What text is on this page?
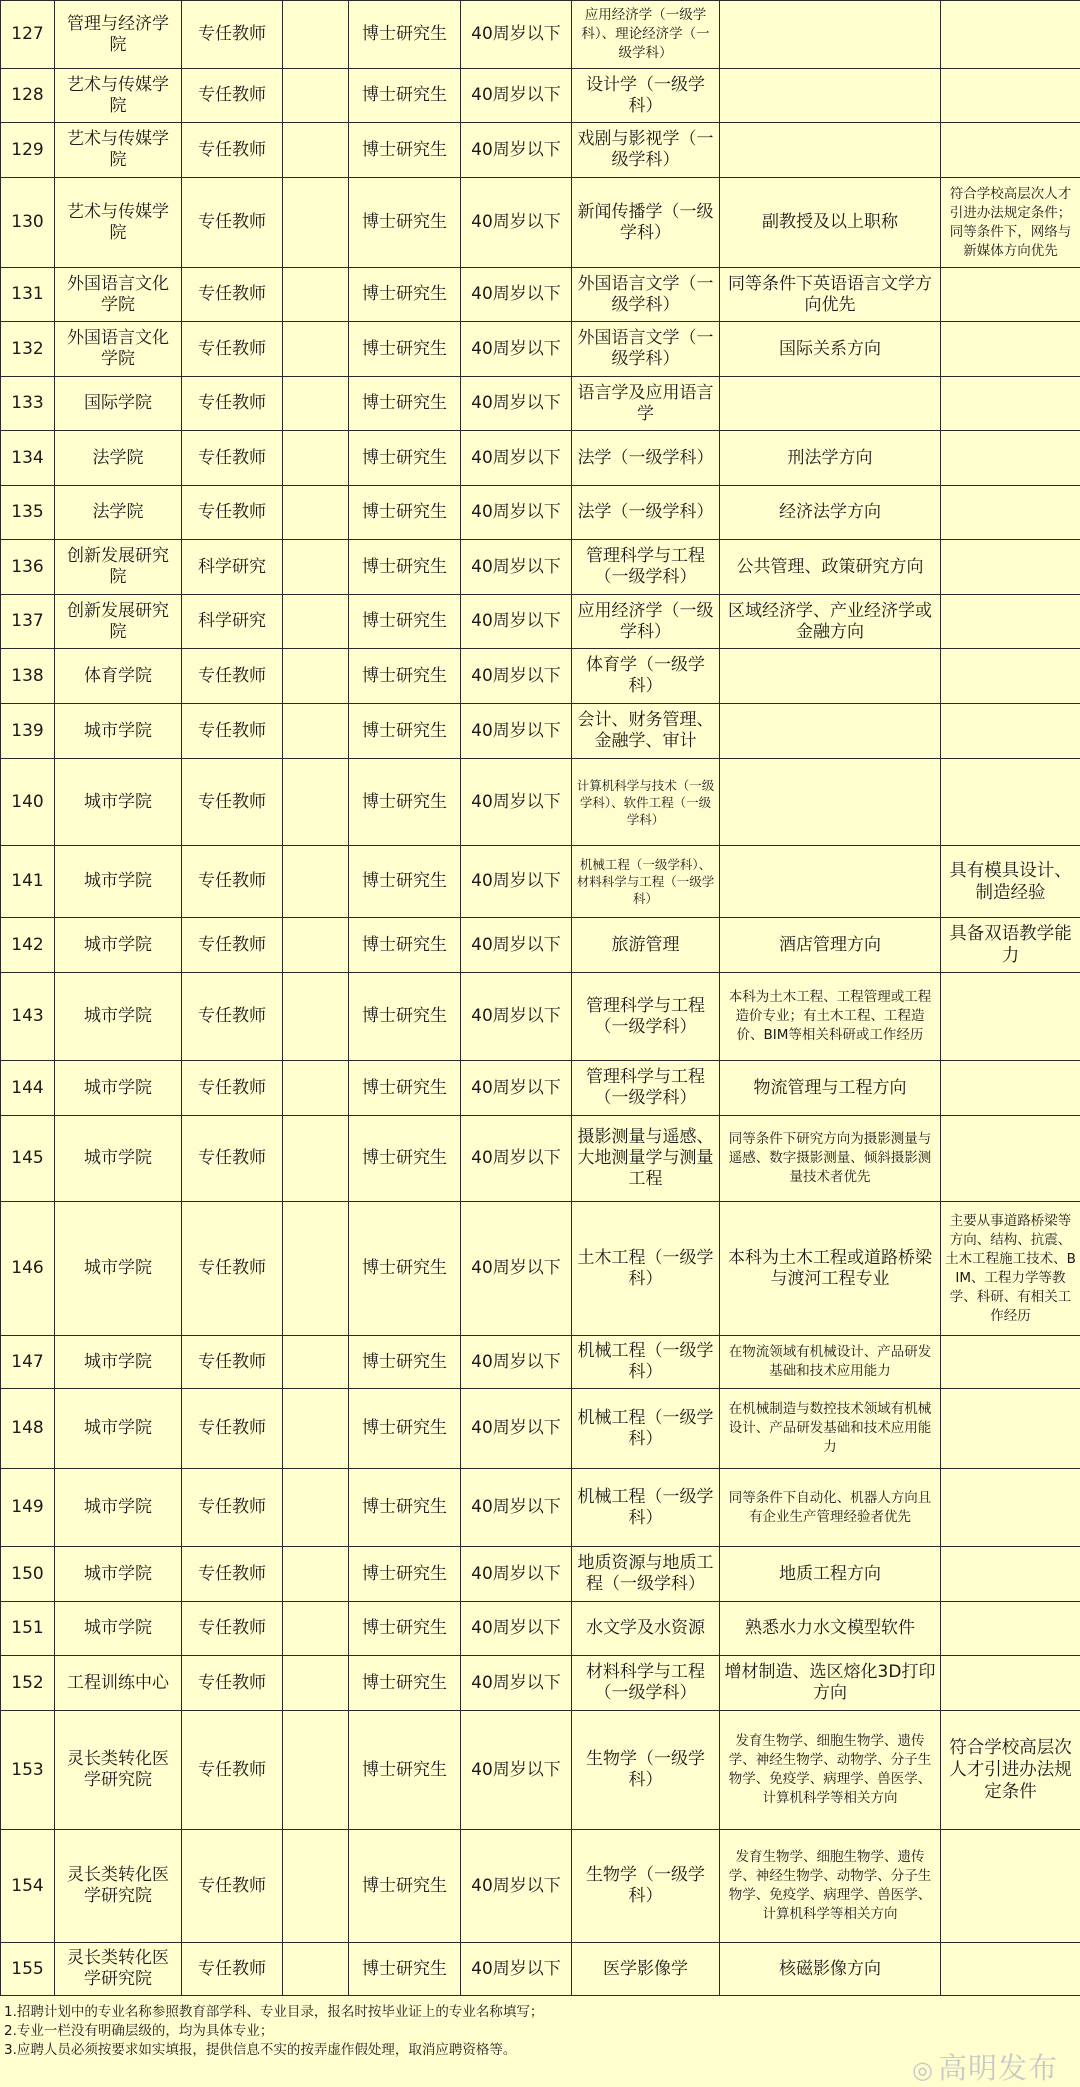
127	管理与经济学院	专任教师		博士研究生	40周岁以下	应用经济学（一级学科）、理论经济学（一级学科）		
128	艺术与传媒学院	专任教师		博士研究生	40周岁以下	设计学（一级学科）		
129	艺术与传媒学院	专任教师		博士研究生	40周岁以下	戏剧与影视学（一级学科）		
130	艺术与传媒学院	专任教师		博士研究生	40周岁以下	新闻传播学（一级学科）	副教授及以上职称	符合学校高层次人才引进办法规定条件；同等条件下，网络与新媒体方向优先
131	外国语言文化学院	专任教师		博士研究生	40周岁以下	外国语言文学（一级学科）	同等条件下英语语言文学方向优先	
132	外国语言文化学院	专任教师		博士研究生	40周岁以下	外国语言文学（一级学科）	国际关系方向	
133	国际学院	专任教师		博士研究生	40周岁以下	语言学及应用语言学		
134	法学院	专任教师		博士研究生	40周岁以下	法学（一级学科）	刑法学方向	
135	法学院	专任教师		博士研究生	40周岁以下	法学（一级学科）	经济法学方向	
136	创新发展研究院	科学研究		博士研究生	40周岁以下	管理科学与工程（一级学科）	公共管理、政策研究方向	
137	创新发展研究院	科学研究		博士研究生	40周岁以下	应用经济学（一级学科）	区域经济学、产业经济学或金融方向	
138	体育学院	专任教师		博士研究生	40周岁以下	体育学（一级学科）		
139	城市学院	专任教师		博士研究生	40周岁以下	会计、财务管理、金融学、审计		
140	城市学院	专任教师		博士研究生	40周岁以下	计算机科学与技术（一级学科）、软件工程（一级学科）		
141	城市学院	专任教师		博士研究生	40周岁以下	机械工程（一级学科）、材料科学与工程（一级学科）		具有模具设计、制造经验
142	城市学院	专任教师		博士研究生	40周岁以下	旅游管理	酒店管理方向	具备双语教学能力
143	城市学院	专任教师		博士研究生	40周岁以下	管理科学与工程（一级学科）	本科为土木工程、工程管理或工程造价专业；有土木工程、工程造价、BIM等相关科研或工作经历	
144	城市学院	专任教师		博士研究生	40周岁以下	管理科学与工程（一级学科）	物流管理与工程方向	
145	城市学院	专任教师		博士研究生	40周岁以下	摄影测量与遥感、大地测量学与测量工程	同等条件下研究方向为摄影测量与遥感、数字摄影测量、倾斜摄影测量技术者优先	
146	城市学院	专任教师		博士研究生	40周岁以下	土木工程（一级学科）	本科为土木工程或道路桥梁与渡河工程专业	主要从事道路桥梁等方向、结构、抗震、土木工程施工技术、BIM、工程力学等教学、科研、有相关工作经历
147	城市学院	专任教师		博士研究生	40周岁以下	机械工程（一级学科）	在物流领域有机械设计、产品研发基础和技术应用能力	
148	城市学院	专任教师		博士研究生	40周岁以下	机械工程（一级学科）	在机械制造与数控技术领域有机械设计、产品研发基础和技术应用能力	
149	城市学院	专任教师		博士研究生	40周岁以下	机械工程（一级学科）	同等条件下自动化、机器人方向且有企业生产管理经验者优先	
150	城市学院	专任教师		博士研究生	40周岁以下	地质资源与地质工程（一级学科）	地质工程方向	
151	城市学院	专任教师		博士研究生	40周岁以下	水文学及水资源	熟悉水力水文模型软件	
152	工程训练中心	专任教师		博士研究生	40周岁以下	材料科学与工程（一级学科）	增材制造、选区熔化3D打印方向	
153	灵长类转化医学研究院	专任教师		博士研究生	40周岁以下	生物学（一级学科）	发育生物学、细胞生物学、遗传学、神经生物学、动物学、分子生物学、免疫学、病理学、兽医学、计算机科学等相关方向	符合学校高层次人才引进办法规定条件
154	灵长类转化医学研究院	专任教师		博士研究生	40周岁以下	生物学（一级学科）	发育生物学、细胞生物学、遗传学、神经生物学、动物学、分子生物学、免疫学、病理学、兽医学、计算机科学等相关方向	
155	灵长类转化医学研究院	专任教师		博士研究生	40周岁以下	医学影像学	核磁影像方向	
1.招聘计划中的专业名称参照教育部学科、专业目录，报名时按毕业证上的专业名称填写；
2.专业一栏没有明确层级的，均为具体专业；
3.应聘人员必须按要求如实填报，提供信息不实的按弄虚作假处理，取消应聘资格等。
◎ 高明发布
